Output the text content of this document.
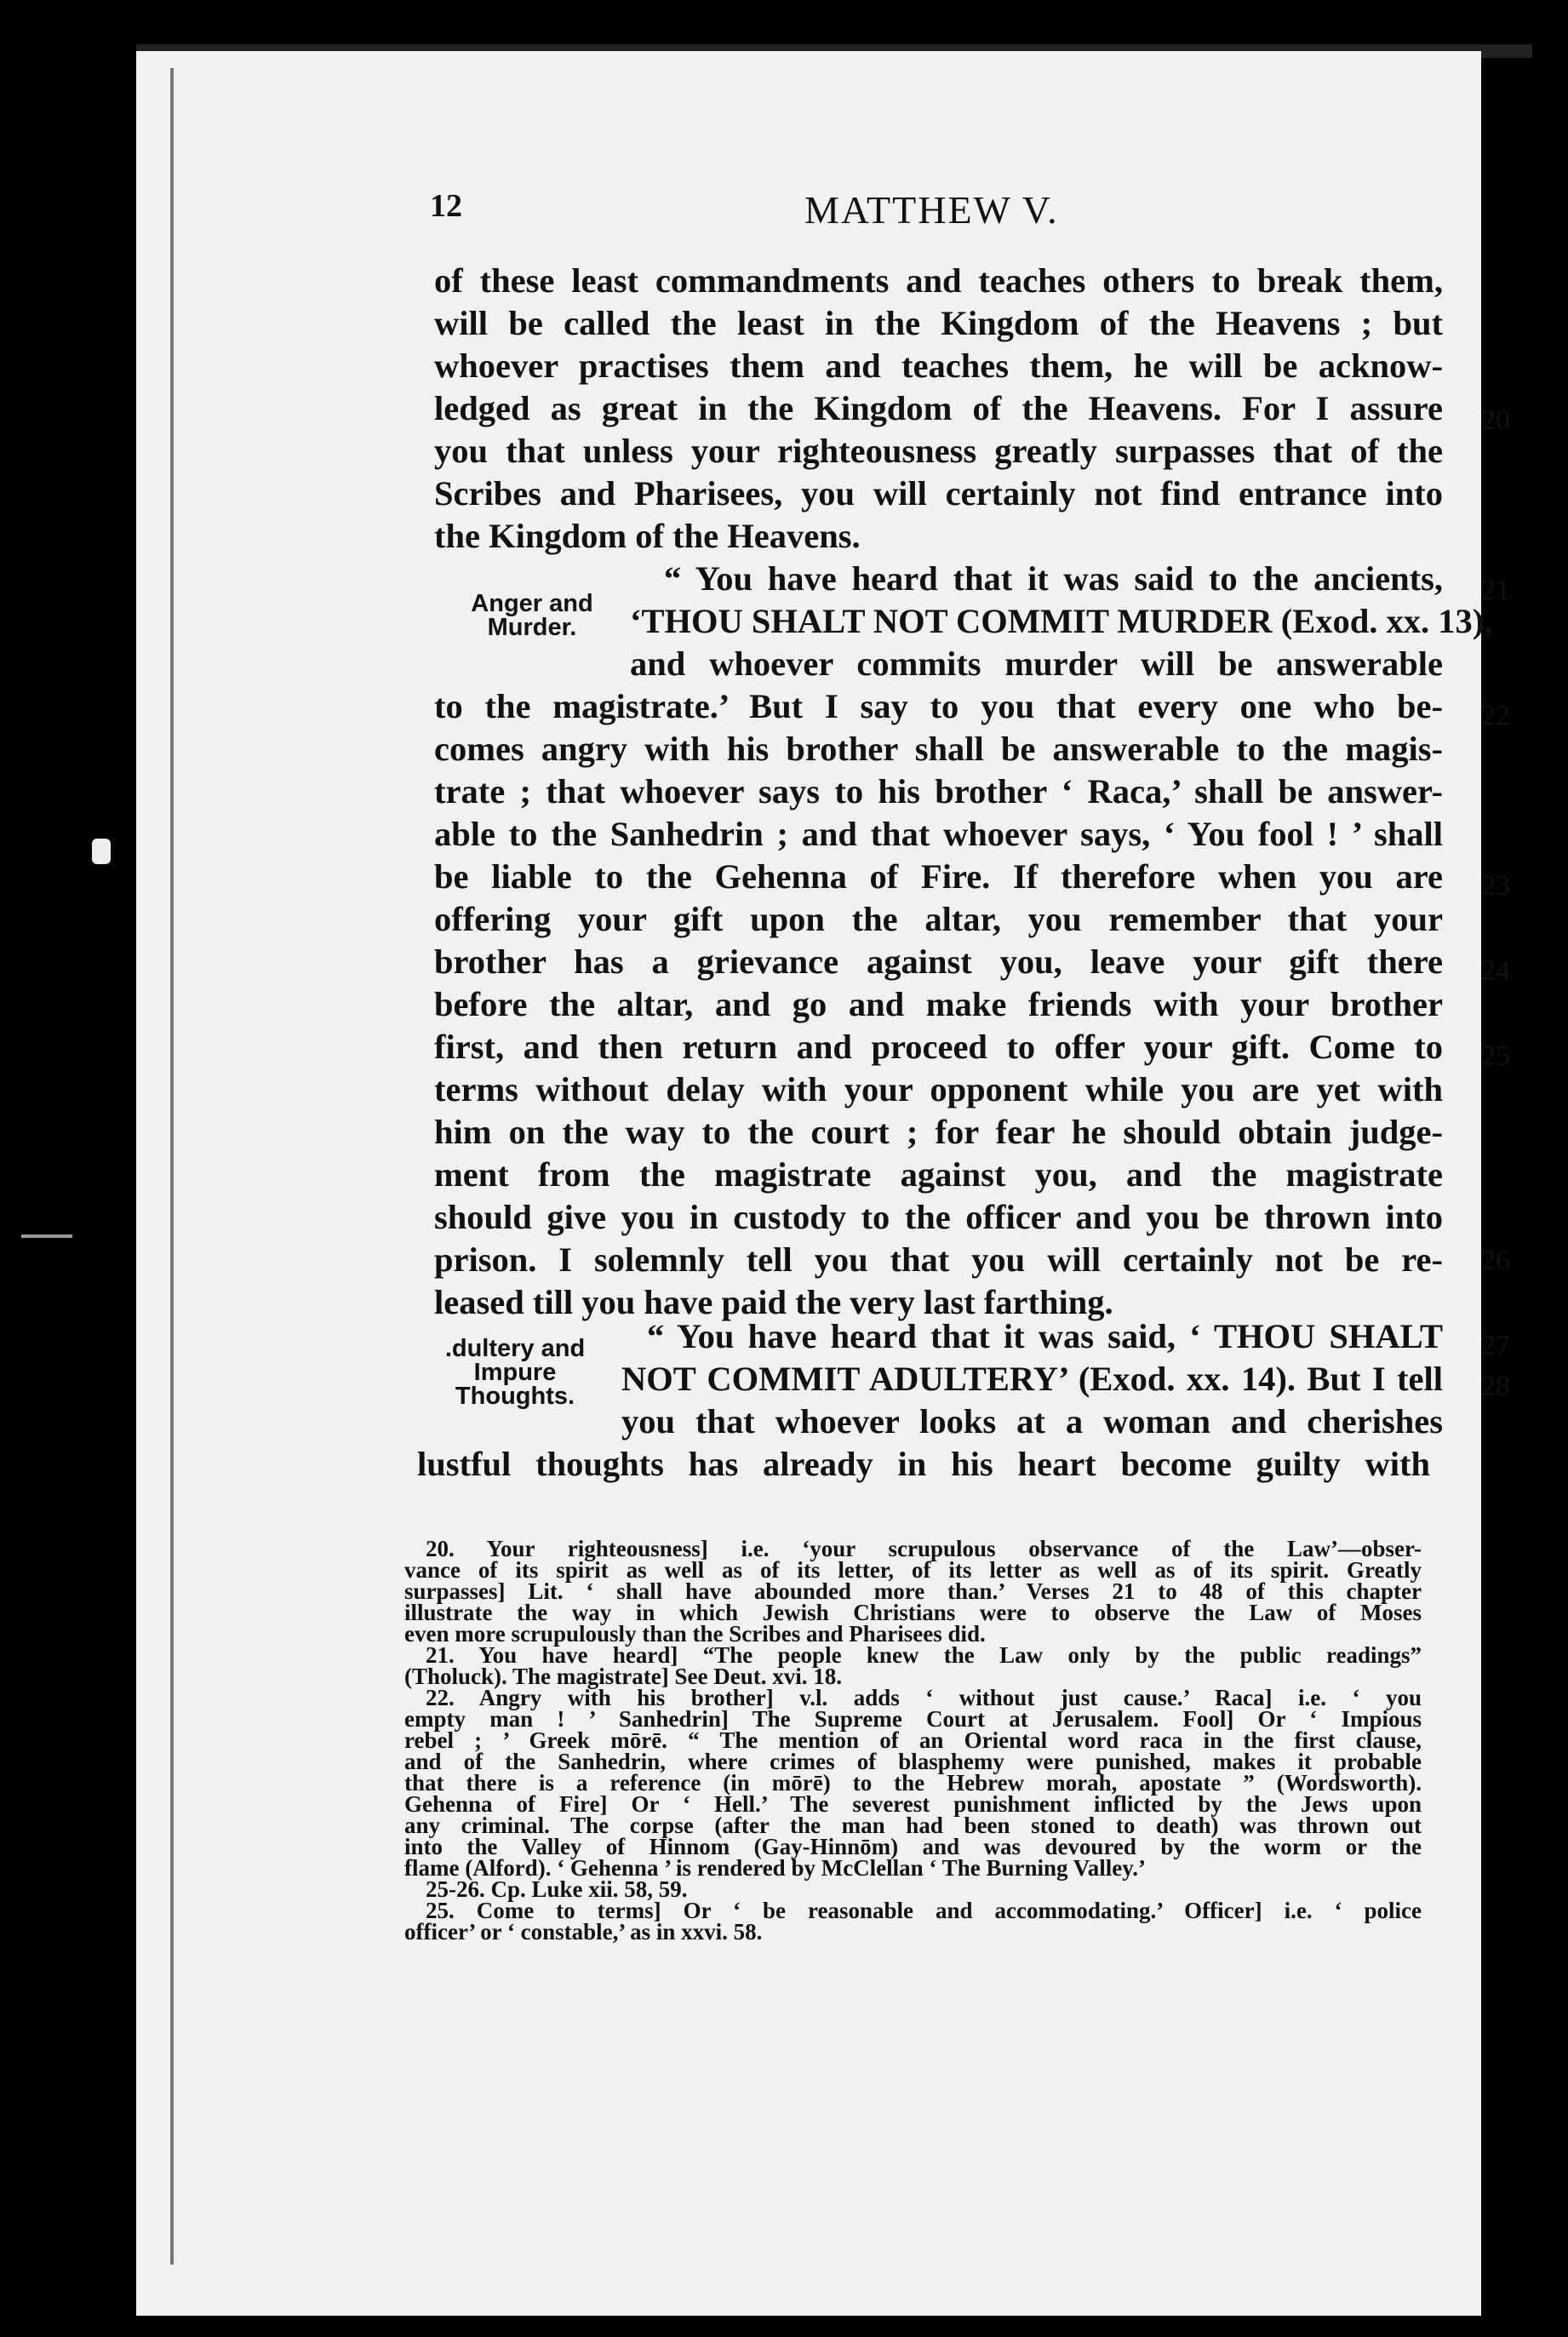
12	MATTHEW V.
of these least commandments and teaches others to break them,
will be called the least in the Kingdom of the Heavens ; but
whoever practises them and teaches them, he will be acknow-
ledged as great in the Kingdom of the Heavens. For I assure
you that unless your righteousness greatly surpasses that of the
Scribes and Pharisees, you will certainly not find entrance into
the Kingdom of the Heavens.
“ You have heard that it was said to the ancients,
‘THOU SHALT NOT COMMIT MURDER (Exod. xx. 13),
and whoever commits murder will be answerable
to the magistrate.’ But I say to you that every one who be-
comes angry with his brother shall be answerable to the magis-
trate ; that whoever says to his brother ‘ Raca,’ shall be answer-
able to the Sanhedrin ; and that whoever says, ‘ You fool ! ’ shall
be liable to the Gehenna of Fire. If therefore when you are
offering your gift upon the altar, you remember that your
brother has a grievance against you, leave your gift there
before the altar, and go and make friends with your brother
first, and then return and proceed to offer your gift. Come to
terms without delay with your opponent while you are yet with
him on the way to the court ; for fear he should obtain judge-
ment from the magistrate against you, and the magistrate
should give you in custody to the officer and you be thrown into
prison. I solemnly tell you that you will certainly not be re-
leased till you have paid the very last farthing.
“ You have heard that it was said, ‘ THOU SHALT
NOT COMMIT ADULTERY’ (Exod. xx. 14). But I tell
you that whoever looks at a woman and cherishes
lustful thoughts has already in his heart become guilty with
Anger and
Murder.
.dultery and
Impure
Thoughts.
20
21
22
23
24
25
26
27
28
20. Your righteousness] i.e. ‘your scrupulous observance of the Law’—obser-
vance of its spirit as well as of its letter, of its letter as well as of its spirit. Greatly
surpasses] Lit. ‘ shall have abounded more than.’ Verses 21 to 48 of this chapter
illustrate the way in which Jewish Christians were to observe the Law of Moses
even more scrupulously than the Scribes and Pharisees did.
21. You have heard] “The people knew the Law only by the public readings”
(Tholuck). The magistrate] See Deut. xvi. 18.
22. Angry with his brother] v.l. adds ‘ without just cause.’ Raca] i.e. ‘ you
empty man ! ’ Sanhedrin] The Supreme Court at Jerusalem. Fool] Or ‘ Impious
rebel ; ’ Greek mōrē. “ The mention of an Oriental word raca in the first clause,
and of the Sanhedrin, where crimes of blasphemy were punished, makes it probable
that there is a reference (in mōrē) to the Hebrew morah, apostate ” (Wordsworth).
Gehenna of Fire] Or ‘ Hell.’ The severest punishment inflicted by the Jews upon
any criminal. The corpse (after the man had been stoned to death) was thrown out
into the Valley of Hinnom (Gay-Hinnōm) and was devoured by the worm or the
flame (Alford). ‘ Gehenna ’ is rendered by McClellan ‘ The Burning Valley.’
25-26. Cp. Luke xii. 58, 59.
25. Come to terms] Or ‘ be reasonable and accommodating.’ Officer] i.e. ‘ police
officer’ or ‘ constable,’ as in xxvi. 58.
